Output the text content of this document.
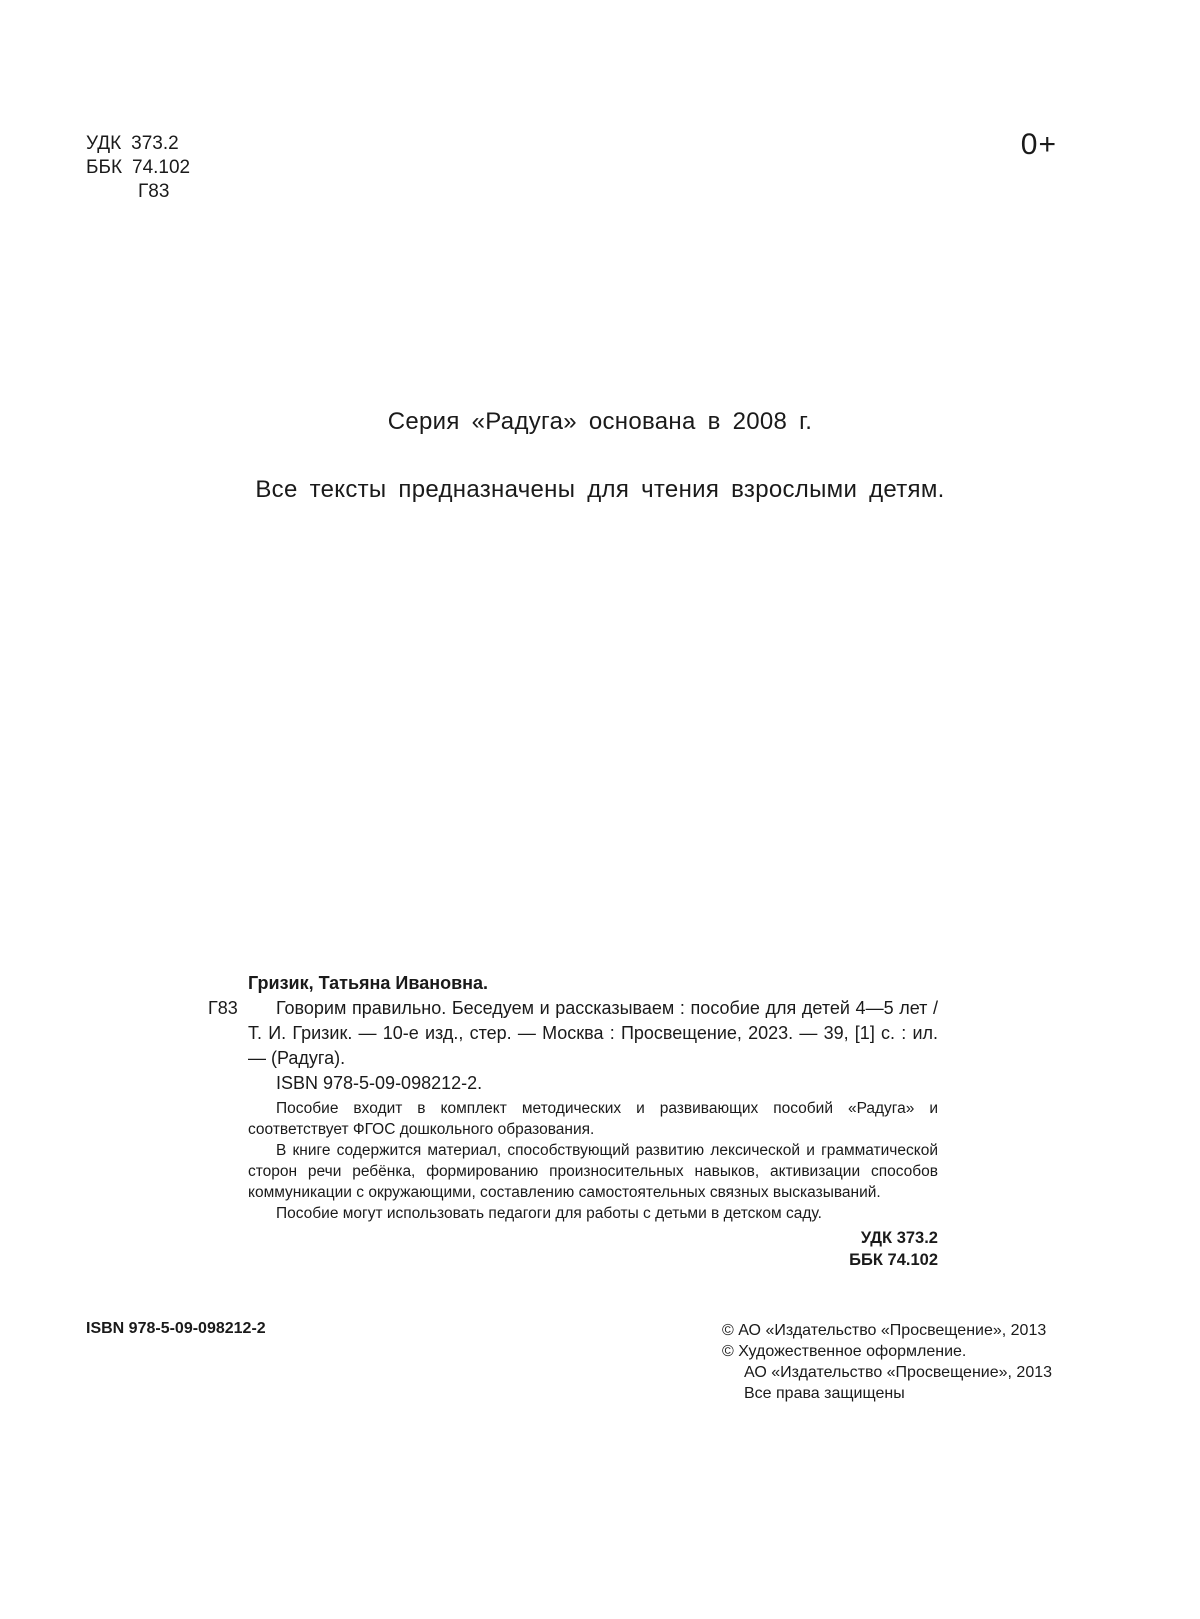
УДК 373.2
ББК 74.102
Г83
0+
Серия «Радуга» основана в 2008 г.
Все тексты предназначены для чтения взрослыми детям.
Гризик, Татьяна Ивановна.
Г83	Говорим правильно. Беседуем и рассказываем : пособие для детей 4—5 лет / Т. И. Гризик. — 10-е изд., стер. — Москва : Просвещение, 2023. — 39, [1] с. : ил. — (Радуга).
ISBN 978-5-09-098212-2.

Пособие входит в комплект методических и развивающих пособий «Радуга» и соответствует ФГОС дошкольного образования.

В книге содержится материал, способствующий развитию лексической и грамматической сторон речи ребёнка, формированию произносительных навыков, активизации способов коммуникации с окружающими, составлению самостоятельных связных высказываний.

Пособие могут использовать педагоги для работы с детьми в детском саду.

УДК 373.2
ББК 74.102
ISBN 978-5-09-098212-2	© АО «Издательство «Просвещение», 2013
© Художественное оформление.
АО «Издательство «Просвещение», 2013
Все права защищены
